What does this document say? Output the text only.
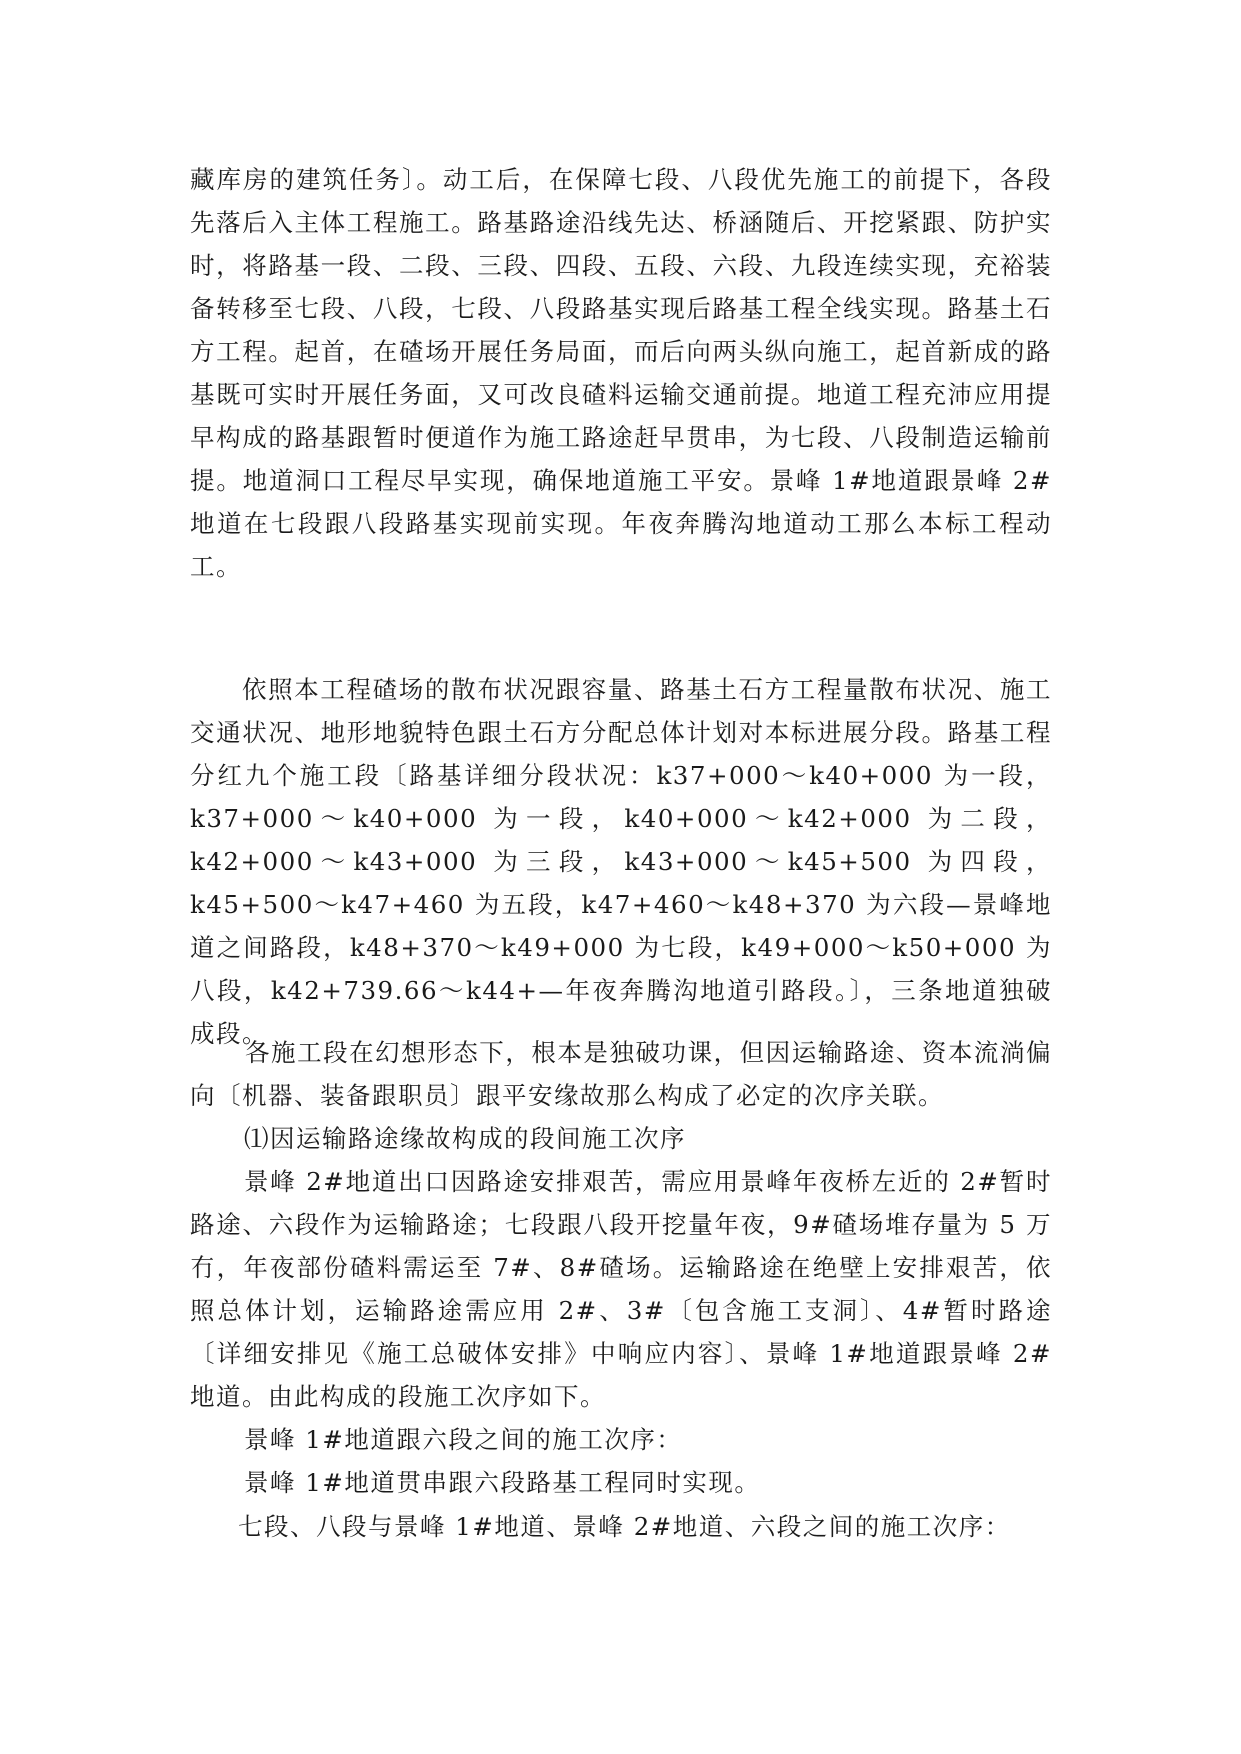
藏库房的建筑任务〕。动工后，在保障七段、八段优先施工的前提下，各段先落后入主体工程施工。路基路途沿线先达、桥涵随后、开挖紧跟、防护实时，将路基一段、二段、三段、四段、五段、六段、九段连续实现，充裕装备转移至七段、八段，七段、八段路基实现后路基工程全线实现。路基土石方工程。起首，在碴场开展任务局面，而后向两头纵向施工，起首新成的路基既可实时开展任务面，又可改良碴料运输交通前提。地道工程充沛应用提早构成的路基跟暂时便道作为施工路途赶早贯串，为七段、八段制造运输前提。地道洞口工程尽早实现，确保地道施工平安。景峰 1#地道跟景峰 2#地道在七段跟八段路基实现前实现。年夜奔腾沟地道动工那么本标工程动工。
依照本工程碴场的散布状况跟容量、路基土石方工程量散布状况、施工交通状况、地形地貌特色跟土石方分配总体计划对本标进展分段。路基工程分红九个施工段〔路基详细分段状况：k37+000～k40+000 为一段，k37+000～k40+000 为一段，k40+000～k42+000 为二段，k42+000～k43+000 为三段，k43+000～k45+500 为四段，k45+500～k47+460 为五段，k47+460～k48+370 为六段—景峰地道之间路段，k48+370～k49+000 为七段，k49+000～k50+000 为八段，k42+739.66～k44+—年夜奔腾沟地道引路段。〕，三条地道独破成段。
各施工段在幻想形态下，根本是独破功课，但因运输路途、资本流淌偏向〔机器、装备跟职员〕跟平安缘故那么构成了必定的次序关联。
⑴因运输路途缘故构成的段间施工次序
景峰 2#地道出口因路途安排艰苦，需应用景峰年夜桥左近的 2#暂时路途、六段作为运输路途；七段跟八段开挖量年夜，9#碴场堆存量为 5 万冇，年夜部份碴料需运至 7#、8#碴场。运输路途在绝壁上安排艰苦，依照总体计划，运输路途需应用 2#、3#〔包含施工支洞〕、4#暂时路途〔详细安排见《施工总破体安排》中响应内容〕、景峰 1#地道跟景峰 2#地道。由此构成的段施工次序如下。
景峰 1#地道跟六段之间的施工次序：
景峰 1#地道贯串跟六段路基工程同时实现。
七段、八段与景峰 1#地道、景峰 2#地道、六段之间的施工次序：
